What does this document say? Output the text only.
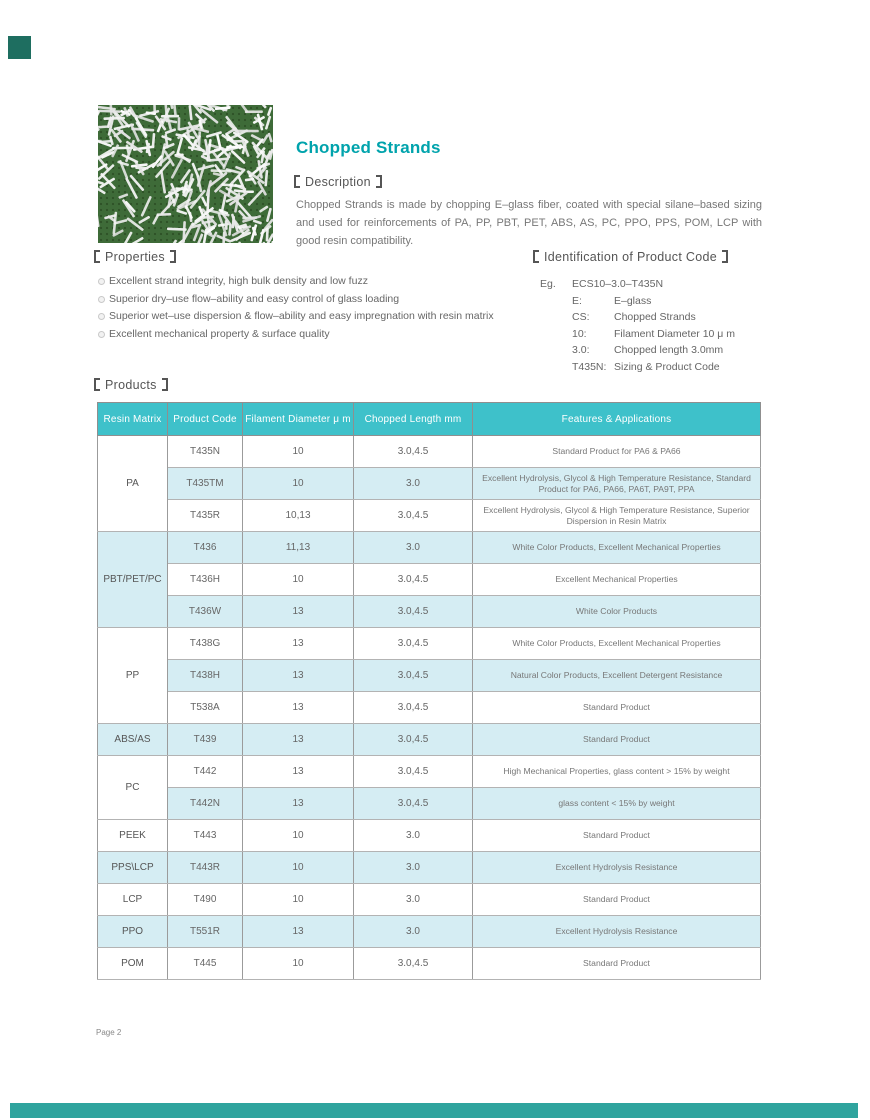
Chopped Strands
Description
Chopped Strands is made by chopping E–glass fiber, coated with special silane–based sizing and used for reinforcements of PA, PP, PBT, PET, ABS, AS, PC, PPO, PPS, POM, LCP with good resin compatibility.
Properties
Excellent strand integrity, high bulk density and low fuzz
Superior dry–use flow–ability and easy control of glass loading
Superior wet–use dispersion & flow–ability and easy impregnation with resin matrix
Excellent mechanical property & surface quality
Identification of Product Code
Eg.	ECS10–3.0–T435N
E:	E–glass
CS:	Chopped Strands
10:	Filament Diameter 10 μ m
3.0:	Chopped length 3.0mm
T435N: Sizing & Product Code
Products
Resin Matrix	Product Code	Filament Diameter μ m	Chopped Length mm	Features & Applications
PA	T435N	10	3.0,4.5	Standard Product for PA6 & PA66
	T435TM	10	3.0	Excellent Hydrolysis, Glycol & High Temperature Resistance, Standard Product for PA6, PA66, PA6T, PA9T, PPA
	T435R	10,13	3.0,4.5	Excellent Hydrolysis, Glycol & High Temperature Resistance, Superior Dispersion in Resin Matrix
PBT/PET/PC	T436	11,13	3.0	White Color Products, Excellent Mechanical Properties
	T436H	10	3.0,4.5	Excellent Mechanical Properties
	T436W	13	3.0,4.5	White Color Products
PP	T438G	13	3.0,4.5	White Color Products, Excellent Mechanical Properties
	T438H	13	3.0,4.5	Natural Color Products, Excellent Detergent Resistance
	T538A	13	3.0,4.5	Standard Product
ABS/AS	T439	13	3.0,4.5	Standard Product
PC	T442	13	3.0,4.5	High Mechanical Properties, glass content > 15% by weight
	T442N	13	3.0,4.5	glass content < 15% by weight
PEEK	T443	10	3.0	Standard Product
PPS\LCP	T443R	10	3.0	Excellent Hydrolysis Resistance
LCP	T490	10	3.0	Standard Product
PPO	T551R	13	3.0	Excellent Hydrolysis Resistance
POM	T445	10	3.0,4.5	Standard Product
Page 2
